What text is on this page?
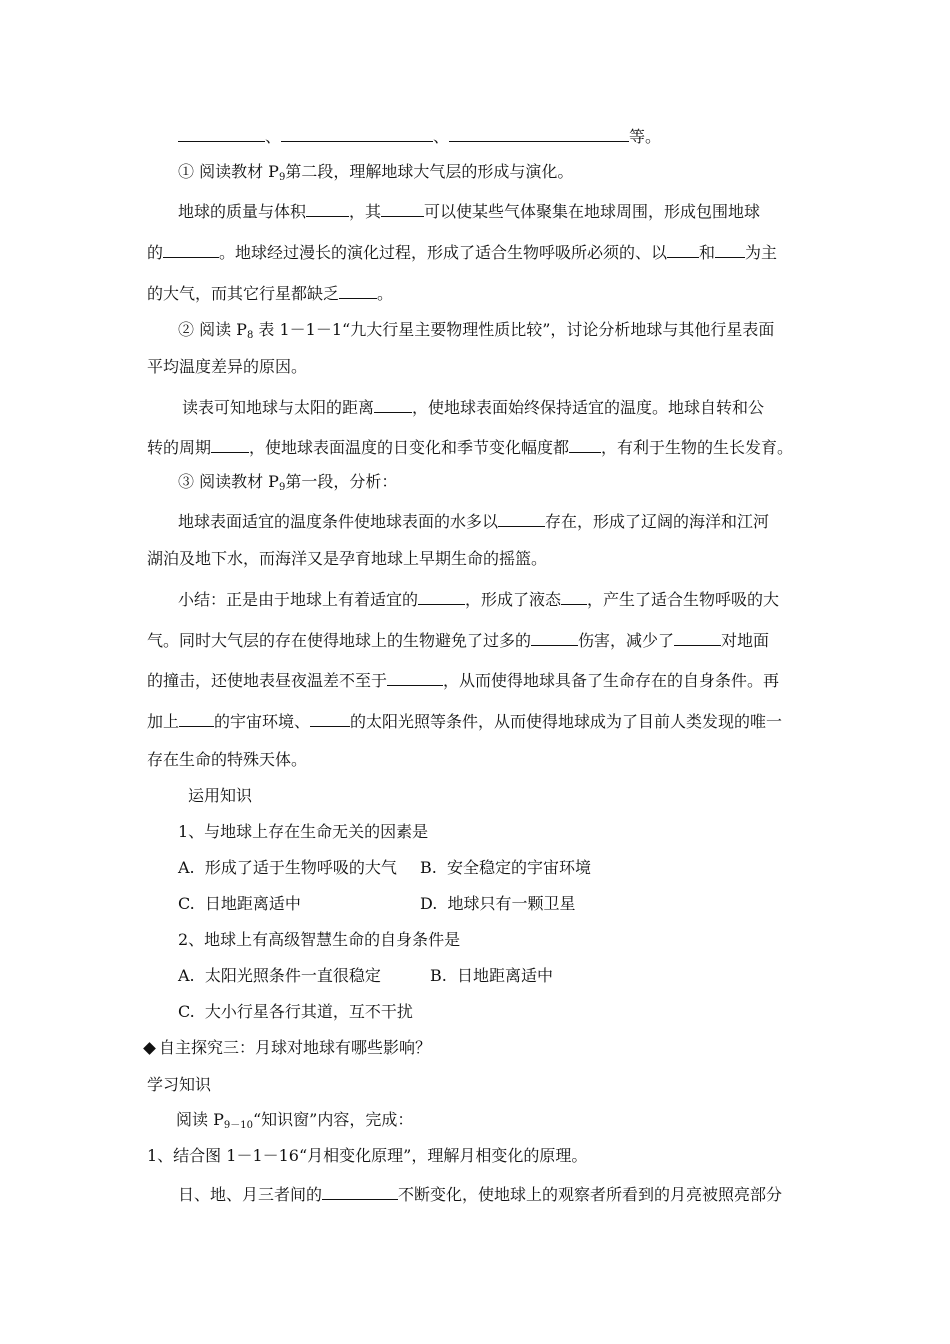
、	、	等。
① 阅读教材 $P_9$第二段，理解地球大气层的形成与演化。
地球的质量与体积	，其	可以使某些气体聚集在地球周围，形成包围地球
的	。地球经过漫长的演化过程，形成了适合生物呼吸所必须的、以 和 为主
的大气，而其它行星都缺乏 。
② 阅读 $P_8$ 表 1－1－1“九大行星主要物理性质比较”，讨论分析地球与其他行星表面
平均温度差异的原因。
读表可知地球与太阳的距离 ，使地球表面始终保持适宜的温度。地球自转和公
转的周期 ，使地球表面温度的日变化和季节变化幅度都 ，有利于生物的生长发育。
③ 阅读教材 $P_9$第一段，分析：
地球表面适宜的温度条件使地球表面的水多以	存在，形成了辽阔的海洋和江河
湖泊及地下水，而海洋又是孕育地球上早期生命的摇篮。
小结：正是由于地球上有着适宜的	，形成了液态 ，产生了适合生物呼吸的大
气。同时大气层的存在使得地球上的生物避免了过多的	伤害，减少了	对地面
的撞击，还使地表昼夜温差不至于	，从而使得地球具备了生命存在的自身条件。再
加上 的宇宙环境、	的太阳光照等条件，从而使得地球成为了目前人类发现的唯一
存在生命的特殊天体。
运用知识
1、与地球上存在生命无关的因素是
A.  形成了适于生物呼吸的大气 B.  安全稳定的宇宙环境
C.  日地距离适中	D.  地球只有一颗卫星
2、地球上有高级智慧生命的自身条件是
A.  太阳光照条件一直很稳定	B.  日地距离适中
C.  大小行星各行其道，互不干扰
自主探究三：月球对地球有哪些影响？
学习知识
阅读 $P_{9-10}“$知识窗”内容，完成：
1、结合图 1－1－16“月相变化原理”，理解月相变化的原理。
日、地、月三者间的	不断变化，使地球上的观察者所看到的月亮被照亮部分
